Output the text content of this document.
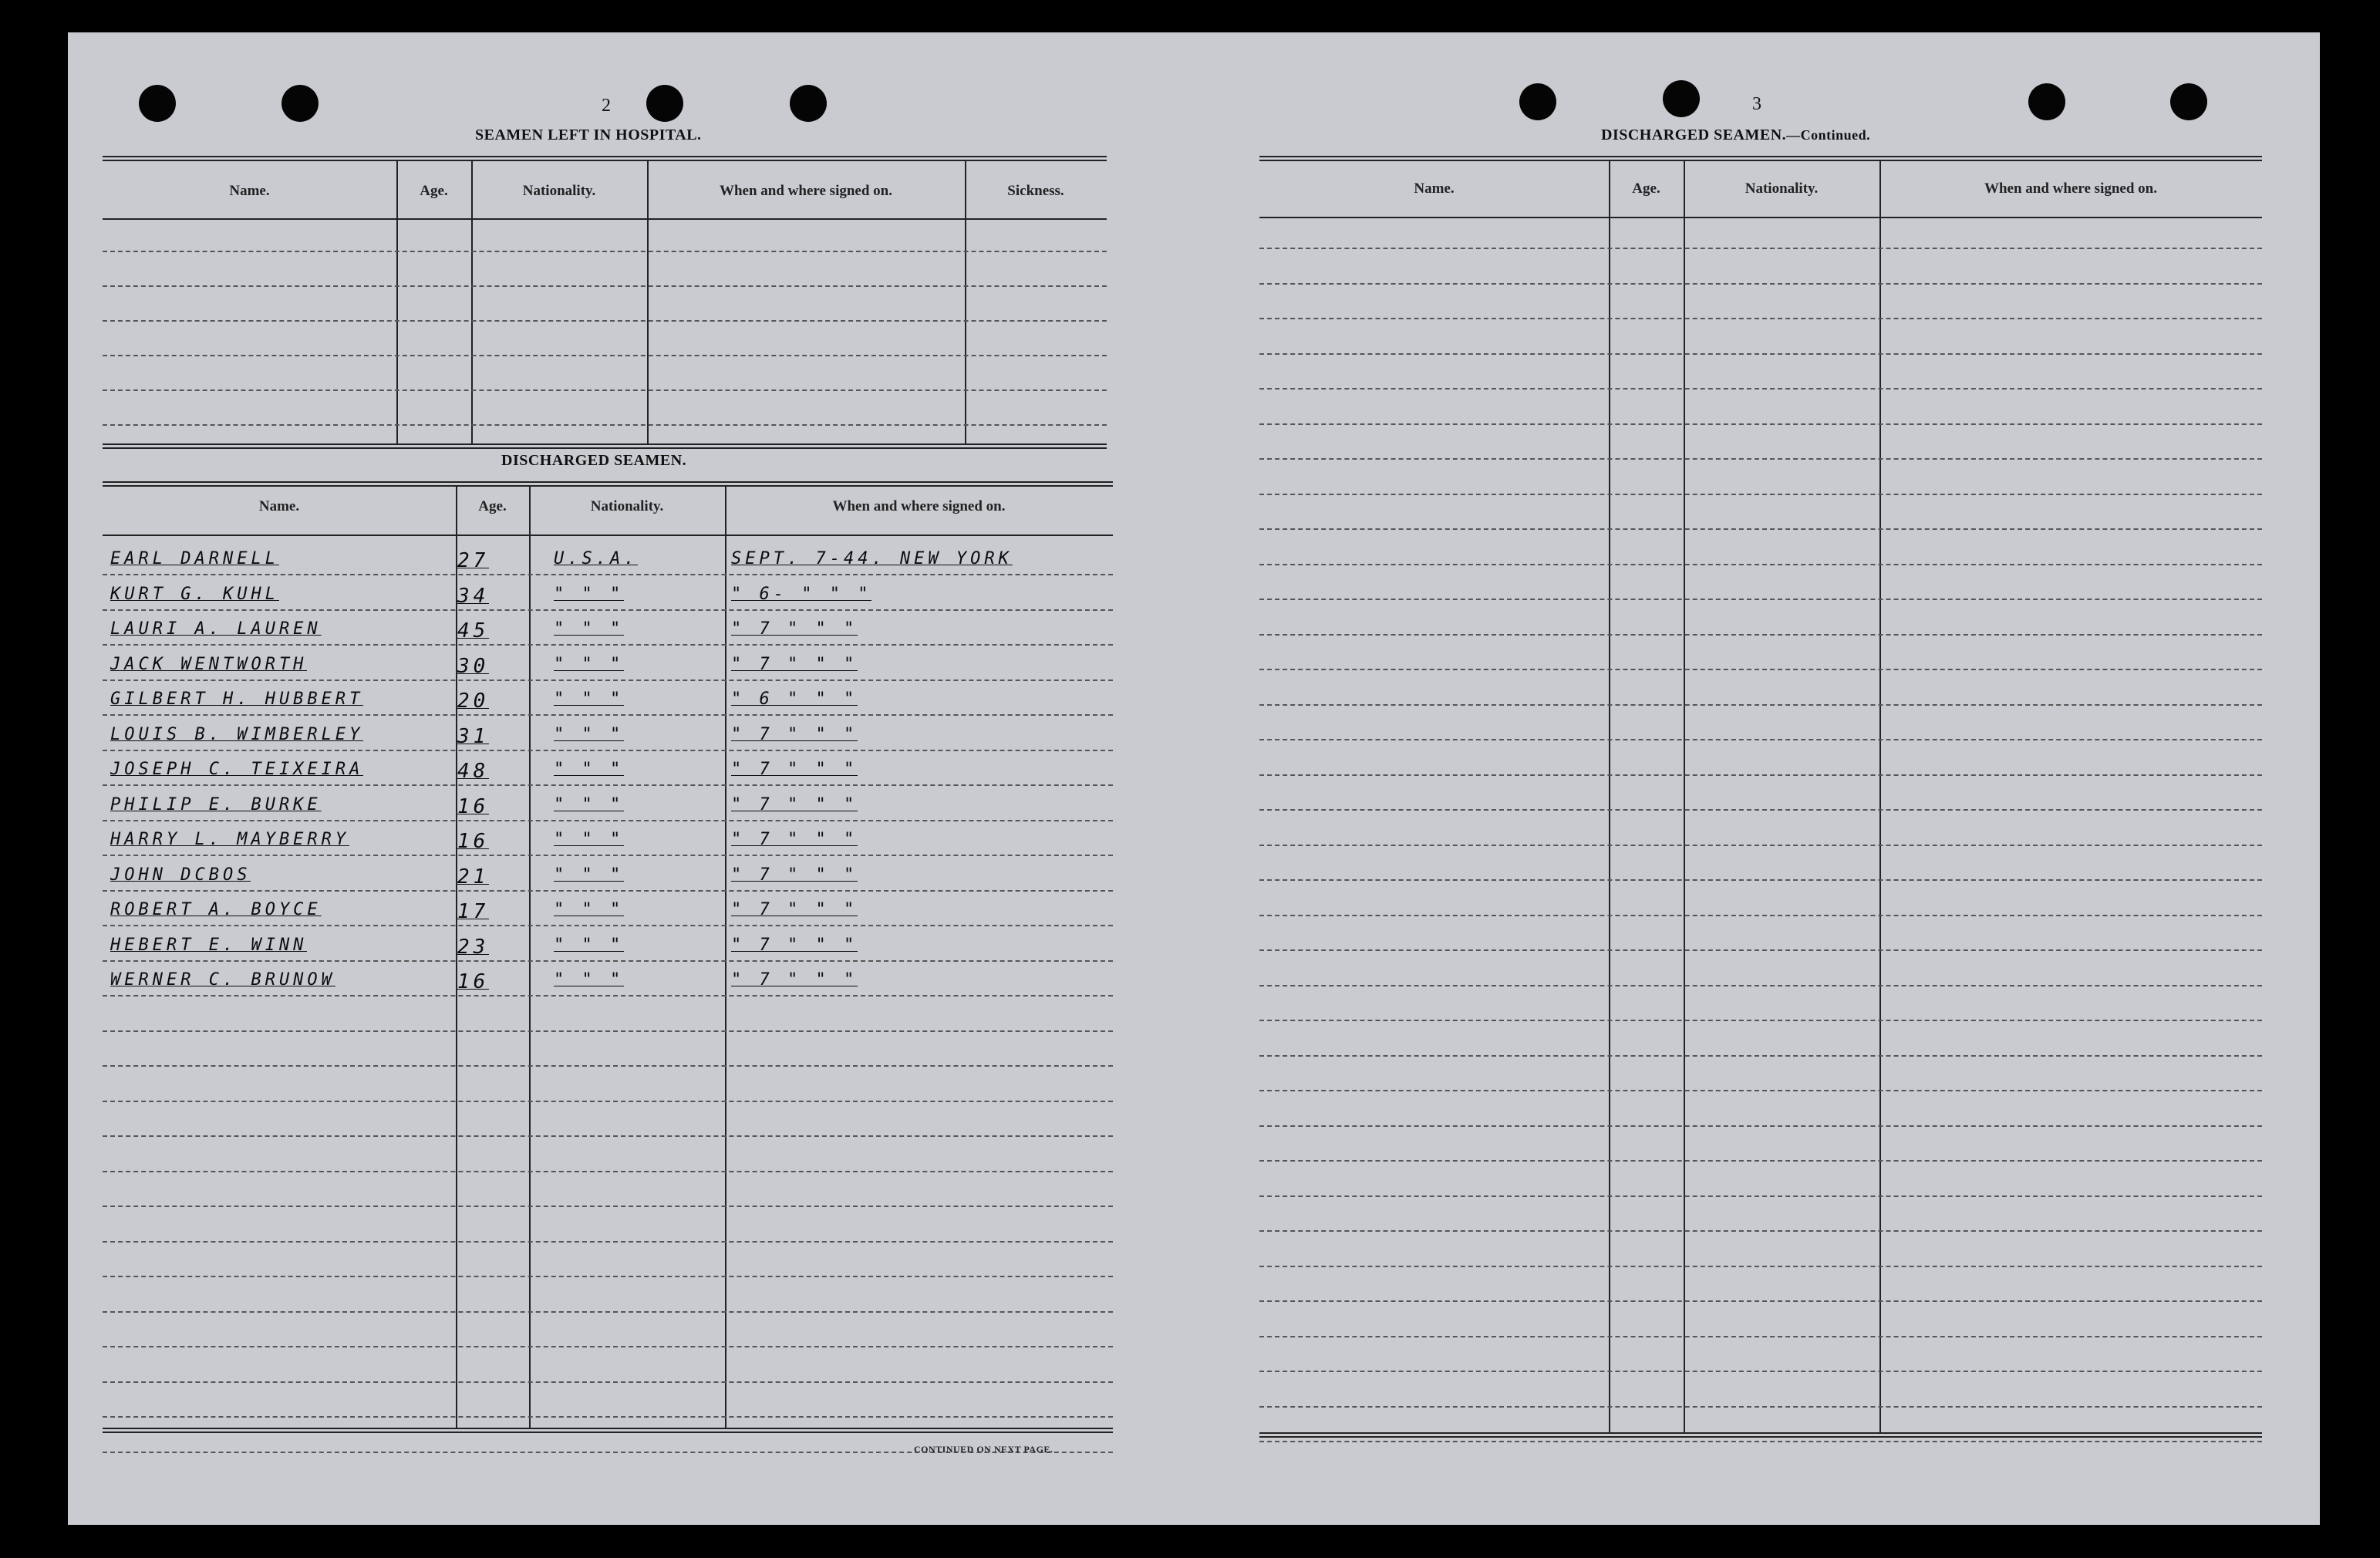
2
SEAMEN LEFT IN HOSPITAL.
Name.	Age.	Nationality.	When and where signed on.	Sickness.
DISCHARGED SEAMEN.
Name.	Age.	Nationality.	When and where signed on.
EARL DARNELL	27	U.S.A.	SEPT. 7-44. NEW YORK
KURT G. KUHL	34	" " "	" 6- " " "
LAURI A. LAUREN	45	" " "	" 7 " " "
JACK WENTWORTH	30	" " "	" 7 " " "
GILBERT H. HUBBERT	20	" " "	" 6 " " "
LOUIS B. WIMBERLEY	31	" " "	" 7 " " "
JOSEPH C. TEIXEIRA	48	" " "	" 7 " " "
PHILIP E. BURKE	16	" " "	" 7 " " "
HARRY L. MAYBERRY	16	" " "	" 7 " " "
JOHN DCBOS	21	" " "	" 7 " " "
ROBERT A. BOYCE	17	" " "	" 7 " " "
HEBERT E. WINN	23	" " "	" 7 " " "
WERNER C. BRUNOW	16	" " "	" 7 " " "
CONTINUED ON NEXT PAGE.
3
DISCHARGED SEAMEN.—Continued.
Name.	Age.	Nationality.	When and where signed on.
